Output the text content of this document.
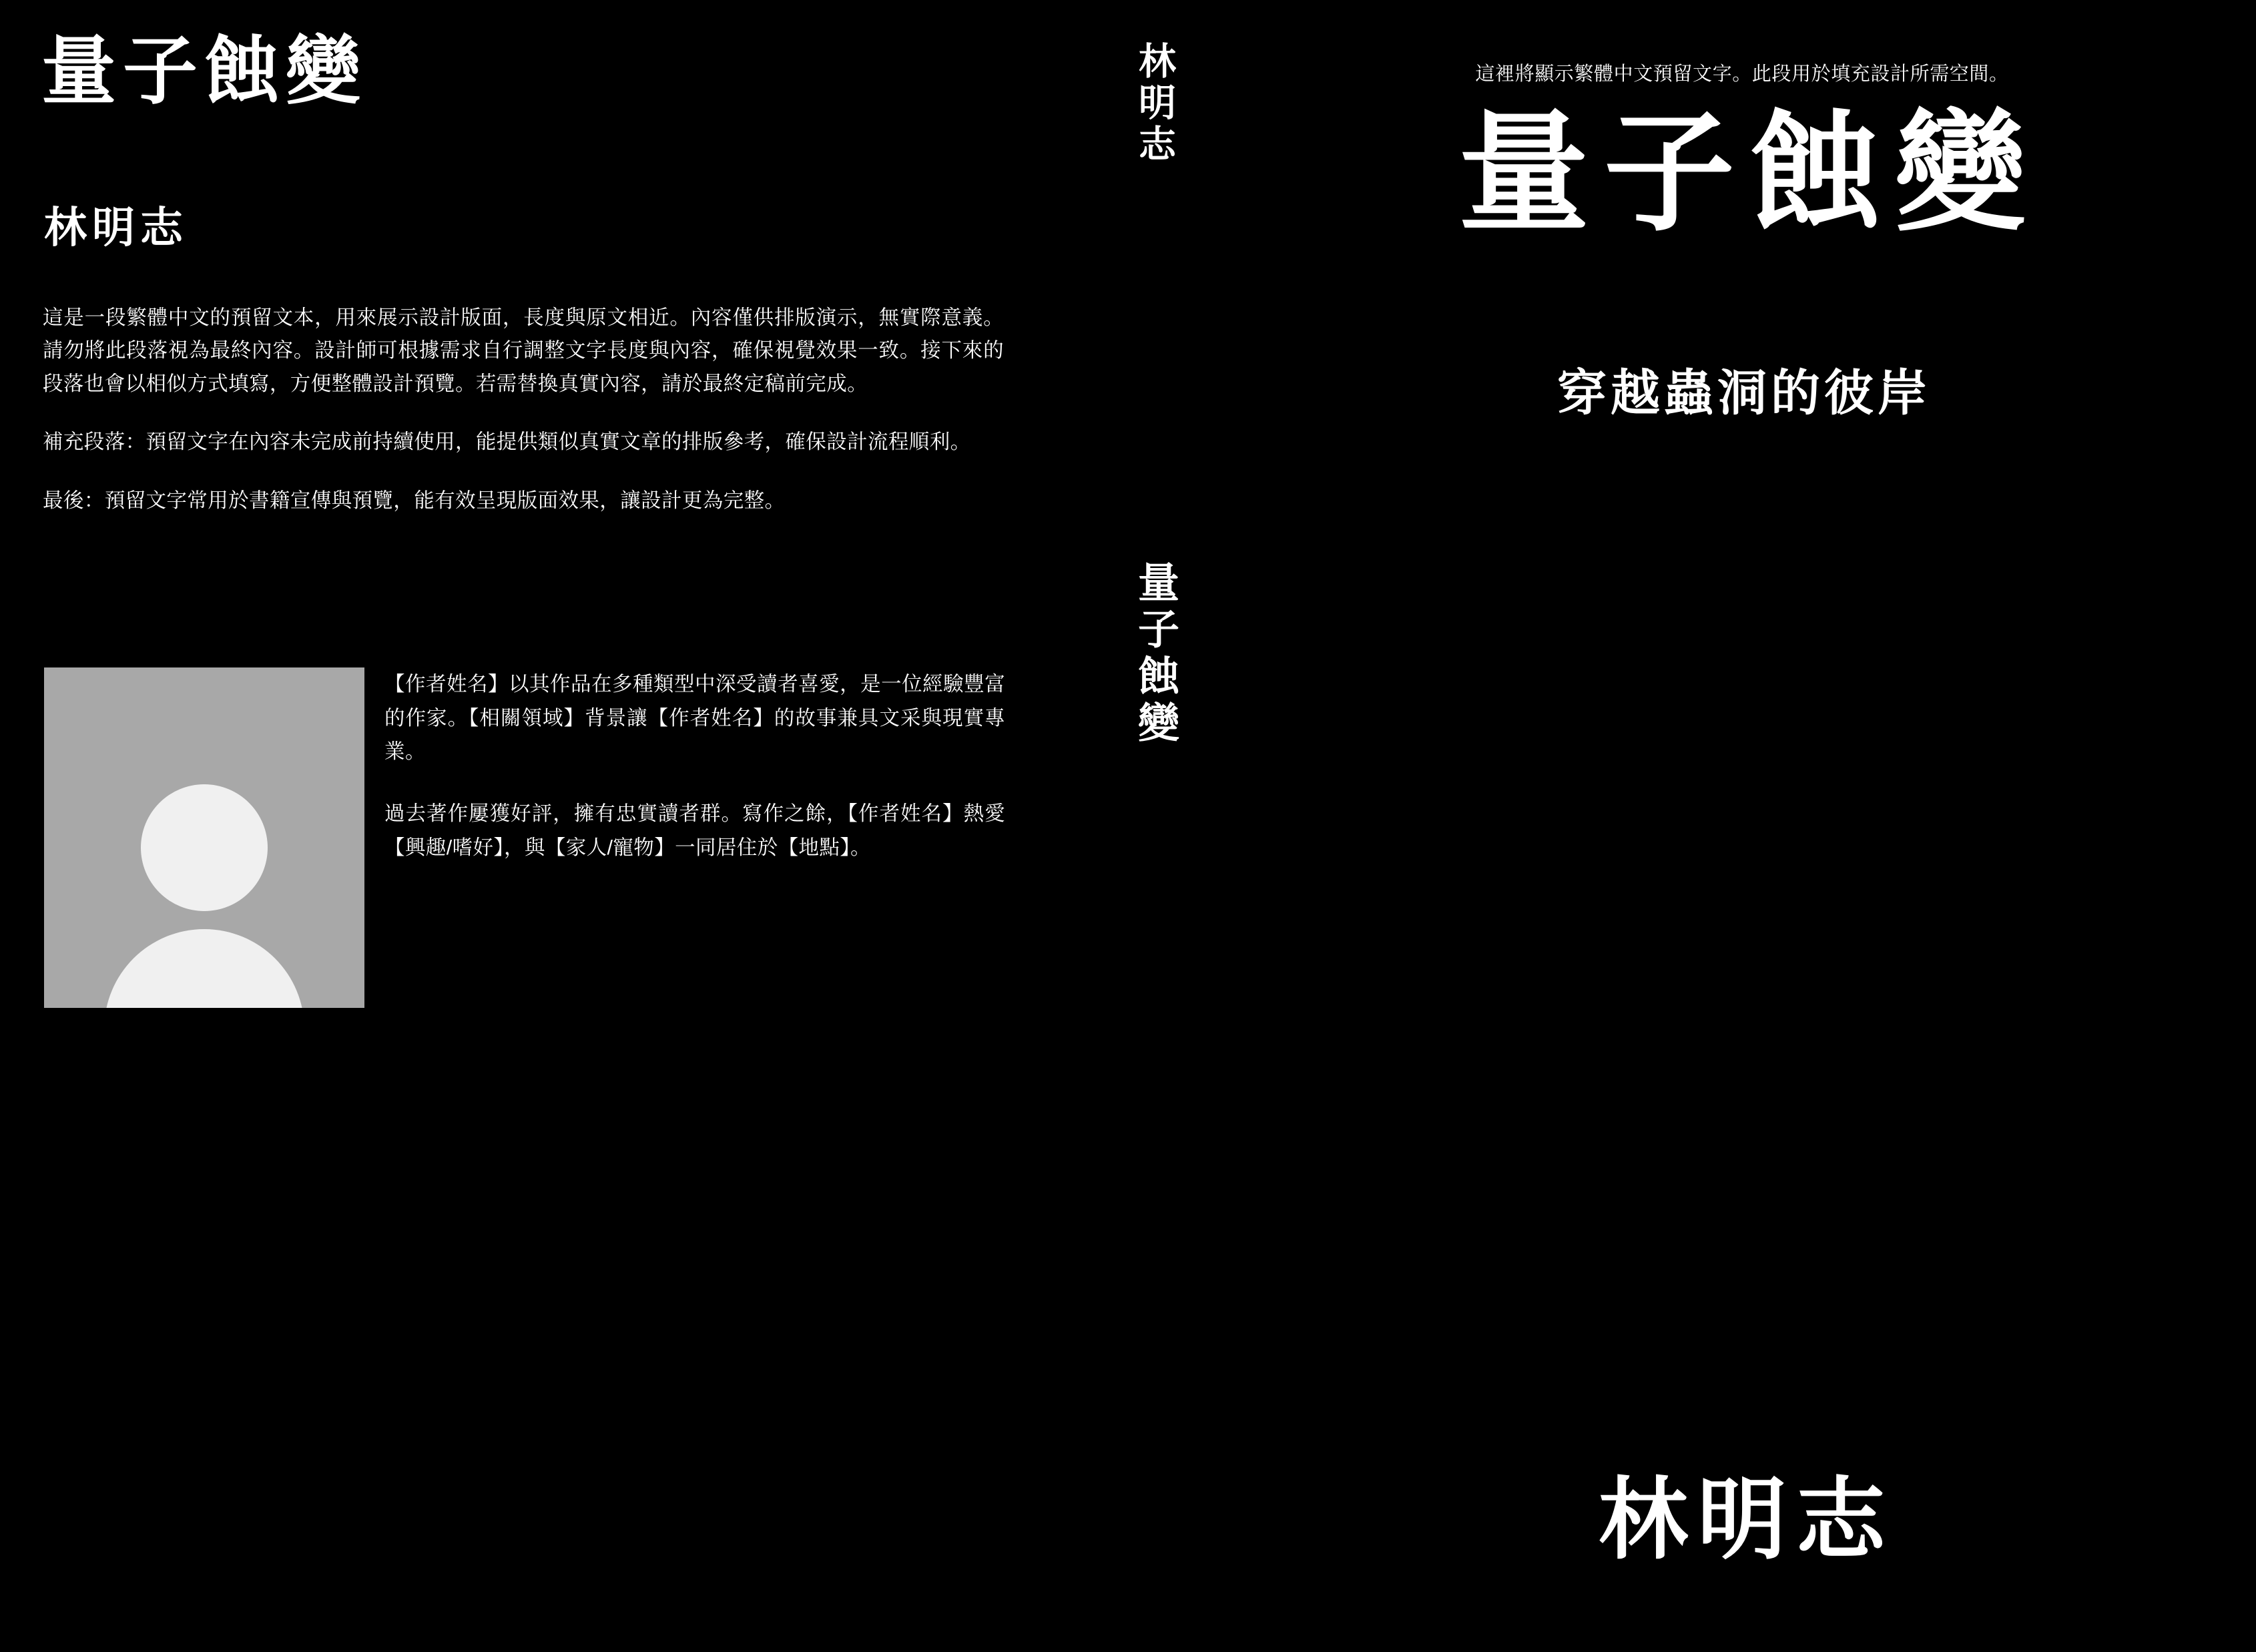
量子蝕變
林明志

這是一段繁體中文的預留文本，用來展示設計版面，長度與原文相近。內容僅供排版演示，無實際意義。請勿將此段落視為最終內容。設計師可根據需求自行調整文字長度與內容，確保視覺效果一致。接下來的段落也會以相似方式填寫，方便整體設計預覽。若需替換真實內容，請於最終定稿前完成。

補充段落：預留文字在內容未完成前持續使用，能提供類似真實文章的排版參考，確保設計流程順利。

最後：預留文字常用於書籍宣傳與預覽，能有效呈現版面效果，讓設計更為完整。

【作者姓名】以其作品在多種類型中深受讀者喜愛，是一位經驗豐富的作家。【相關領域】背景讓【作者姓名】的故事兼具文采與現實專業。

過去著作屢獲好評，擁有忠實讀者群。寫作之餘，【作者姓名】熱愛【興趣/嗜好】，與【家人/寵物】一同居住於【地點】。

林明志
量子蝕變
這裡將顯示繁體中文預留文字。此段用於填充設計所需空間。
量子蝕變
穿越蟲洞的彼岸
林明志
